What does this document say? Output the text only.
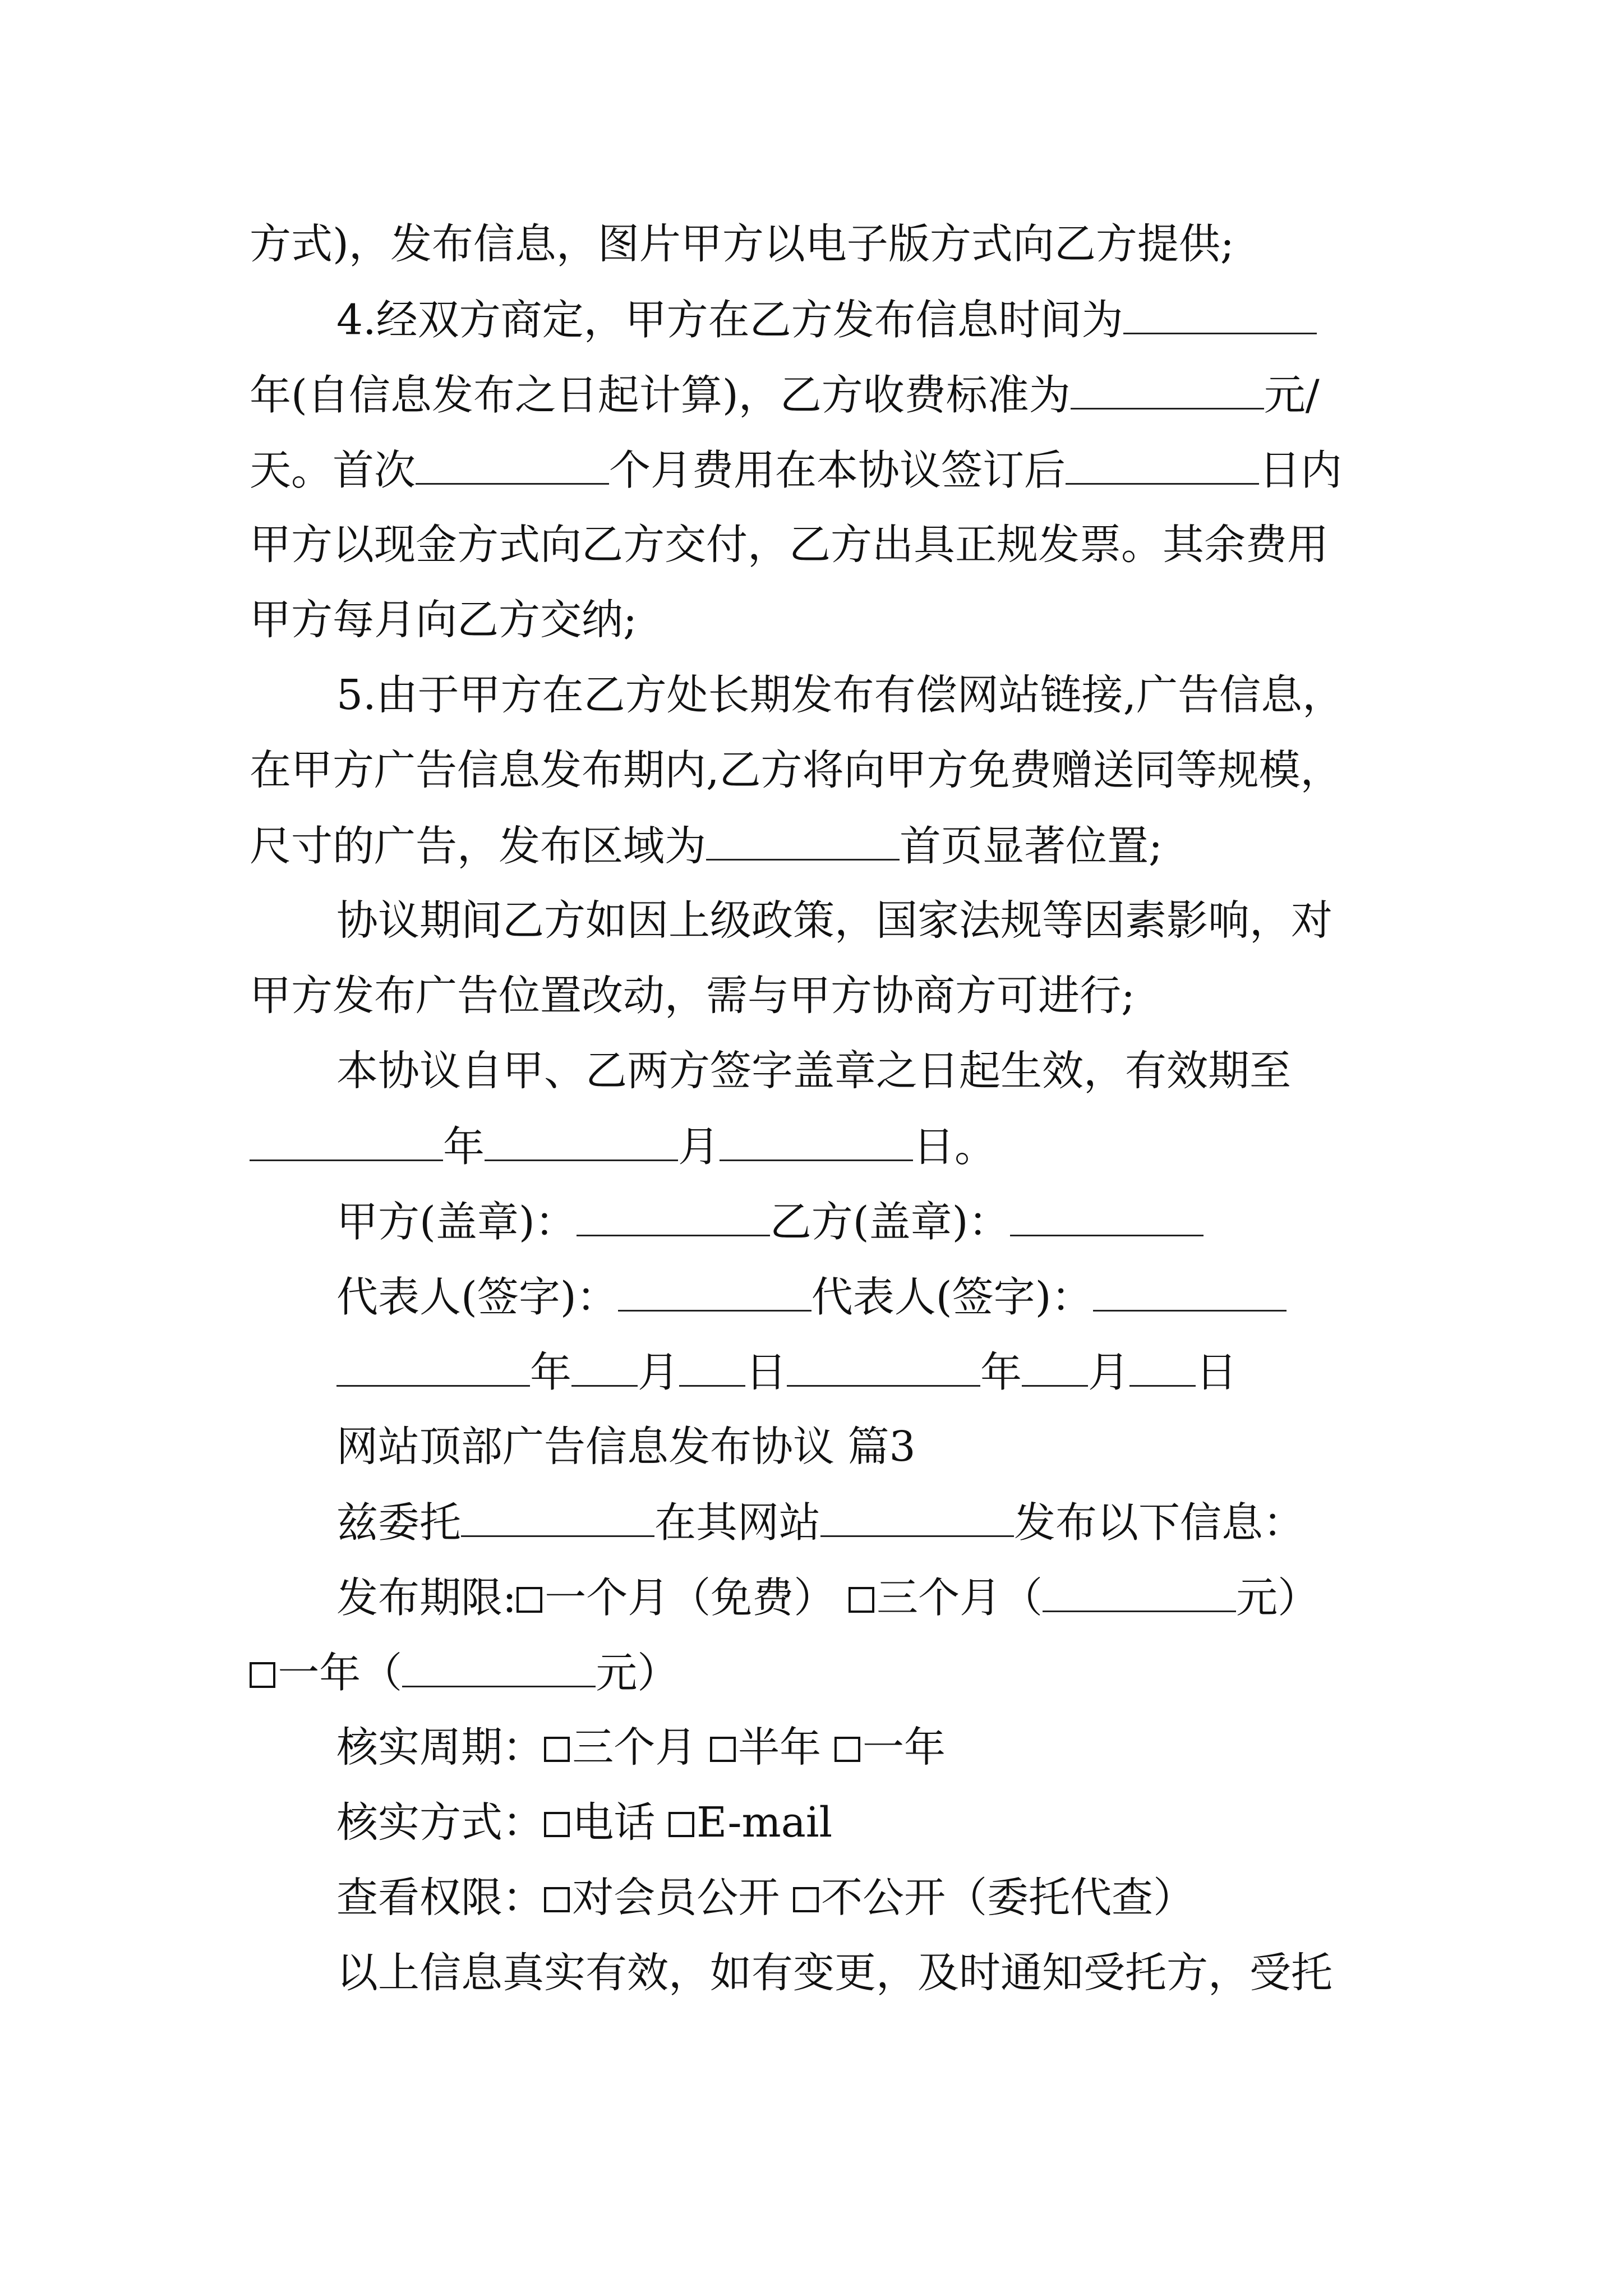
方式)，发布信息，图片甲方以电子版方式向乙方提供;
4.经双方商定，甲方在乙方发布信息时间为
年(自信息发布之日起计算)，乙方收费标准为	元/
天。首次	个月费用在本协议签订后	日内
甲方以现金方式向乙方交付，乙方出具正规发票。其余费用
甲方每月向乙方交纳;
5.由于甲方在乙方处长期发布有偿网站链接,广告信息，
在甲方广告信息发布期内,乙方将向甲方免费赠送同等规模，
尺寸的广告，发布区域为	首页显著位置;
协议期间乙方如因上级政策，国家法规等因素影响，对
甲方发布广告位置改动，需与甲方协商方可进行;
本协议自甲、乙两方签字盖章之日起生效，有效期至
年	月	日。
甲方(盖章)：	乙方(盖章)：
代表人(签字)：	代表人(签字)：
年 月 日	年 月 日
网站顶部广告信息发布协议 篇3
兹委托	在其网站	发布以下信息：
发布期限: 一个月（免费） 三个月（	元）
一年（	元）
核实周期： 三个月 半年 一年
核实方式： 电话 E-mail
查看权限： 对会员公开 不公开（委托代查）
以上信息真实有效，如有变更，及时通知受托方，受托
